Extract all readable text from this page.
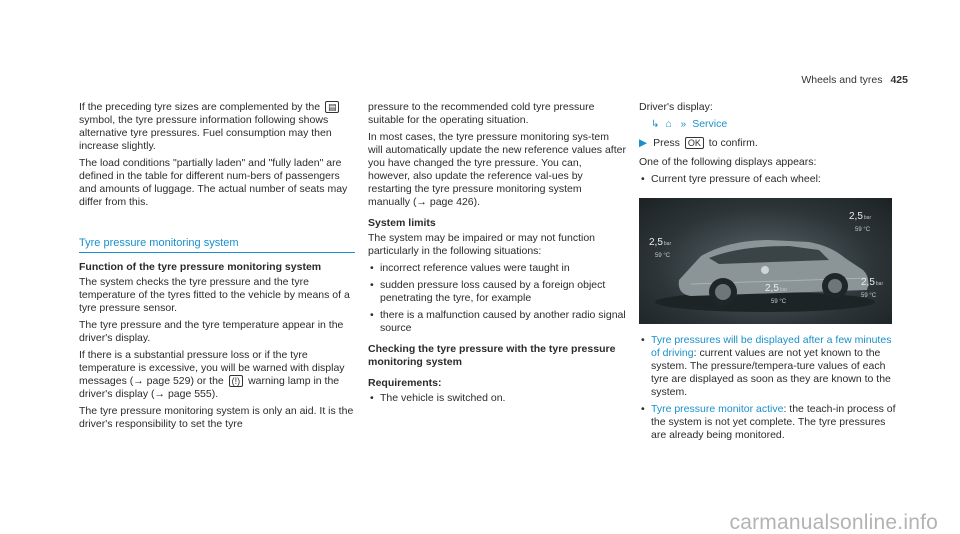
Wheels and tyres 425

If the preceding tyre sizes are complemented by the ▤ symbol, the tyre pressure information following shows alternative tyre pressures. Fuel consumption may then increase slightly.

The load conditions "partially laden" and "fully laden" are defined in the table for different num-bers of passengers and amounts of luggage. The actual number of seats may differ from this.

Tyre pressure monitoring system
Function of the tyre pressure monitoring system

The system checks the tyre pressure and the tyre temperature of the tyres fitted to the vehicle by means of a tyre pressure sensor.

The tyre pressure and the tyre temperature appear in the driver's display.

If there is a substantial pressure loss or if the tyre temperature is excessive, you will be warned with display messages (→ page 529) or the (!) warning lamp in the driver's display (→ page 555).

The tyre pressure monitoring system is only an aid. It is the driver's responsibility to set the tyre

pressure to the recommended cold tyre pressure suitable for the operating situation.

In most cases, the tyre pressure monitoring sys-tem will automatically update the new reference values after you have changed the tyre pressure. You can, however, also update the reference val-ues by restarting the tyre pressure monitoring system manually (→ page 426).

System limits

The system may be impaired or may not function particularly in the following situations:

• incorrect reference values were taught in
• sudden pressure loss caused by a foreign object penetrating the tyre, for example
• there is a malfunction caused by another radio signal source
Checking the tyre pressure with the tyre pressure monitoring system
Requirements:
• The vehicle is switched on.

Driver's display:

↳ ⌂ » Service

▶ Press OK to confirm.

One of the following displays appears:

• Current tyre pressure of each wheel:
2,5bar
59 °C
2,5bar
59 °C
2,5bar
59 °C
2,5bar
59 °C
• Tyre pressures will be displayed after a few minutes of driving: current values are not yet known to the system. The pressure/tempera-ture values of each tyre are displayed as soon as they are known to the system.
• Tyre pressure monitor active: the teach-in process of the system is not yet complete. The tyre pressures are already being monitored.
carmanualsonline.info
